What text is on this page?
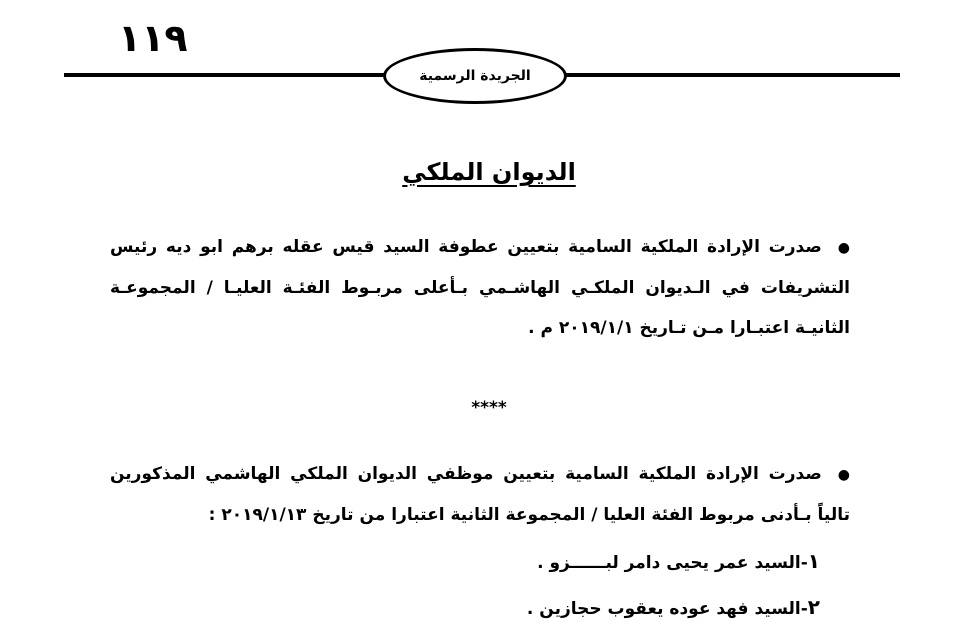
١١٩
الجريدة الرسمية
الديوان الملكي
●صدرت الإرادة الملكية السامية بتعيين عطوفة السيد قيس عقله برهم ابو ديه رئيس التشريفات في الـديوان الملكـي الهاشـمي بـأعلى مربـوط الفئـة العليـا / المجموعـة الثانيـة اعتبـارا مـن تـاريخ ٢٠١٩/١/١ م .
****
●صدرت الإرادة الملكية السامية بتعيين موظفي الديوان الملكي الهاشمي المذكورين تالياً بـأدنى مربوط الفئة العليا / المجموعة الثانية اعتبارا من تاريخ ٢٠١٩/١/١٣ :
١-السيد عمر يحيى دامر لبــــــزو .
٢-السيد فهد عوده يعقوب حجازين .
